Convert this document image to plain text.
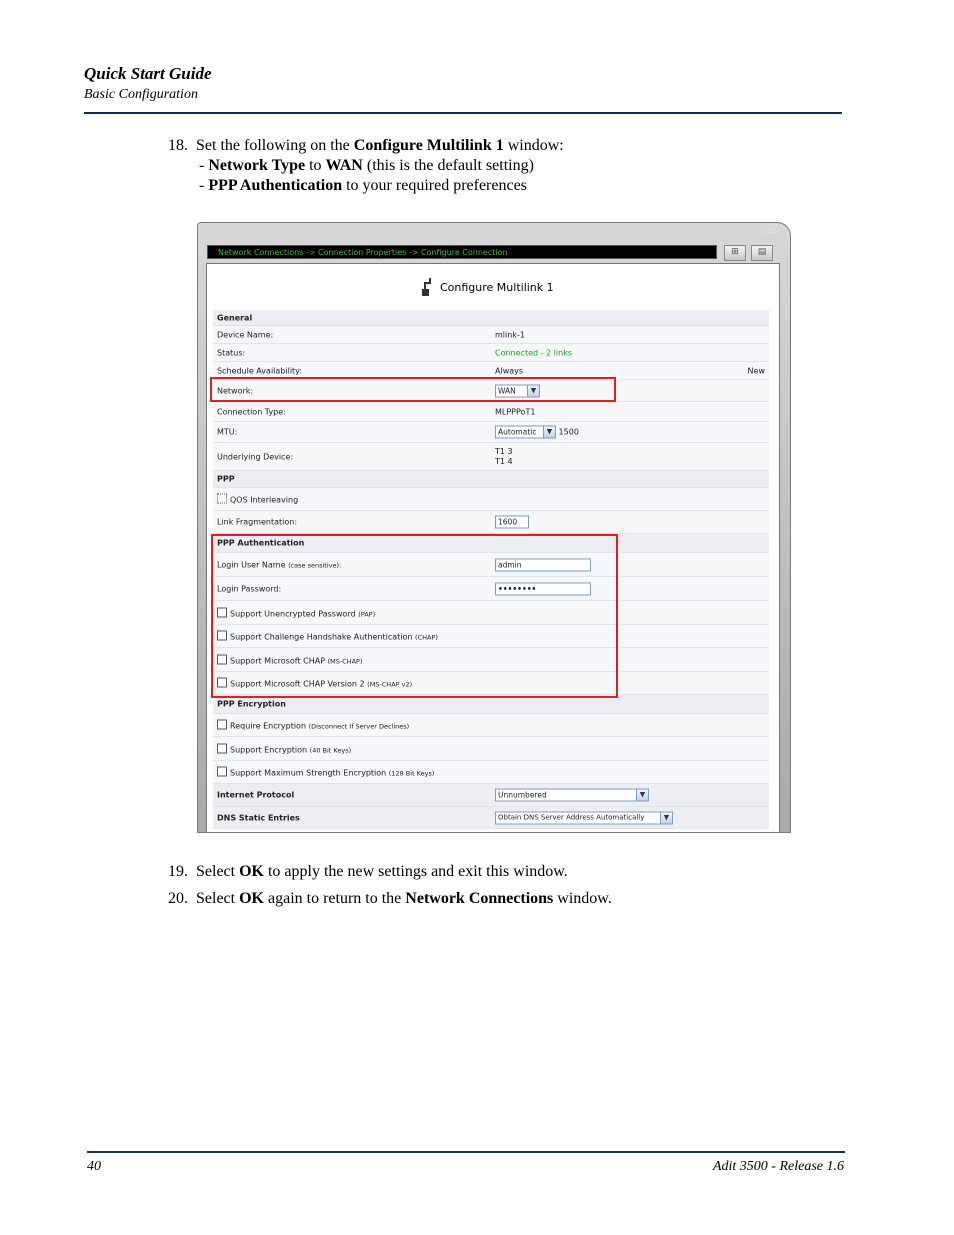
Quick Start Guide
Basic Configuration
18. Set the following on the Configure Multilink 1 window:
- Network Type to WAN (this is the default setting)
- PPP Authentication to your required preferences
::::::
Network Connections -> Connection Properties -> Configure Connection	⊞	▤
Configure Multilink 1
General
Device Name:	mlink-1
Status:	Connected - 2 links
Schedule Availability:	Always	New
Network:	WAN	▼
Connection Type:	MLPPPoT1
MTU:	Automatic	▼ 1500
Underlying Device:
T1 3
T1 4
PPP
QOS Interleaving
Link Fragmentation:	1600
PPP Authentication
Login User Name (case sensitive):	admin
Login Password:	••••••••
Support Unencrypted Password (PAP)
Support Challenge Handshake Authentication (CHAP)
Support Microsoft CHAP (MS-CHAP)
Support Microsoft CHAP Version 2 (MS-CHAP v2)
PPP Encryption
Require Encryption (Disconnect If Server Declines)
Support Encryption (40 Bit Keys)
Support Maximum Strength Encryption (128 Bit Keys)
Internet Protocol	Unnumbered	▼
DNS Static Entries	Obtain DNS Server Address Automatically	▼
19. Select OK to apply the new settings and exit this window.
20. Select OK again to return to the Network Connections window.
40	Adit 3500 - Release 1.6
